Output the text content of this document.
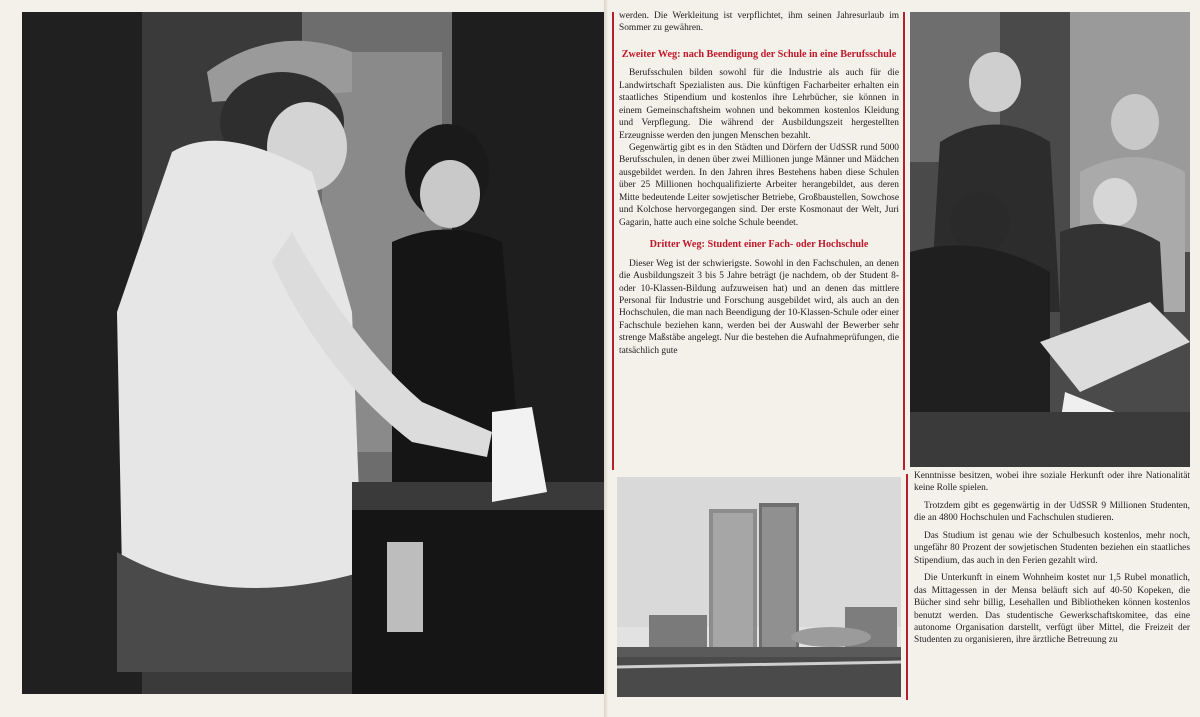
werden. Die Werkleitung ist verpflichtet, ihm seinen Jahresurlaub im Sommer zu gewähren.

Zweiter Weg: nach Beendigung der Schule in eine Berufsschule

Berufsschulen bilden sowohl für die Industrie als auch für die Landwirtschaft Spezialisten aus. Die künftigen Facharbeiter erhalten ein staatliches Stipendium und kostenlos ihre Lehrbücher, sie können in einem Gemeinschaftsheim wohnen und bekommen kostenlos Kleidung und Verpflegung. Die während der Ausbildungszeit hergestellten Erzeugnisse werden den jungen Menschen bezahlt.

Gegenwärtig gibt es in den Städten und Dörfern der UdSSR rund 5000 Berufsschulen, in denen über zwei Millionen junge Männer und Mädchen ausgebildet werden. In den Jahren ihres Bestehens haben diese Schulen über 25 Millionen hochqualifizierte Arbeiter herangebildet, aus deren Mitte bedeutende Leiter sowjetischer Betriebe, Großbaustellen, Sowchose und Kolchose hervorgegangen sind. Der erste Kosmonaut der Welt, Juri Gagarin, hatte auch eine solche Schule beendet.

Dritter Weg: Student einer Fach- oder Hochschule

Dieser Weg ist der schwierigste. Sowohl in den Fachschulen, an denen die Ausbildungszeit 3 bis 5 Jahre beträgt (je nachdem, ob der Student 8- oder 10-Klassen-Bildung aufzuweisen hat) und an denen das mittlere Personal für Industrie und Forschung ausgebildet wird, als auch an den Hochschulen, die man nach Beendigung der 10-Klassen-Schule oder einer Fachschule beziehen kann, werden bei der Auswahl der Bewerber sehr strenge Maßstäbe angelegt. Nur die bestehen die Aufnahmeprüfungen, die tatsächlich gute

Kenntnisse besitzen, wobei ihre soziale Herkunft oder ihre Nationalität keine Rolle spielen.

Trotzdem gibt es gegenwärtig in der UdSSR 9 Millionen Studenten, die an 4800 Hochschulen und Fachschulen studieren.

Das Studium ist genau wie der Schulbesuch kostenlos, mehr noch, ungefähr 80 Prozent der sowjetischen Studenten beziehen ein staatliches Stipendium, das auch in den Ferien gezahlt wird.

Die Unterkunft in einem Wohnheim kostet nur 1,5 Rubel monatlich, das Mittagessen in der Mensa beläuft sich auf 40-50 Kopeken, die Bücher sind sehr billig, Lesehallen und Bibliotheken können kostenlos benutzt werden. Das studentische Gewerkschaftskomitee, das eine autonome Organisation darstellt, verfügt über Mittel, die Freizeit der Studenten zu organisieren, ihre ärztliche Betreuung zu
